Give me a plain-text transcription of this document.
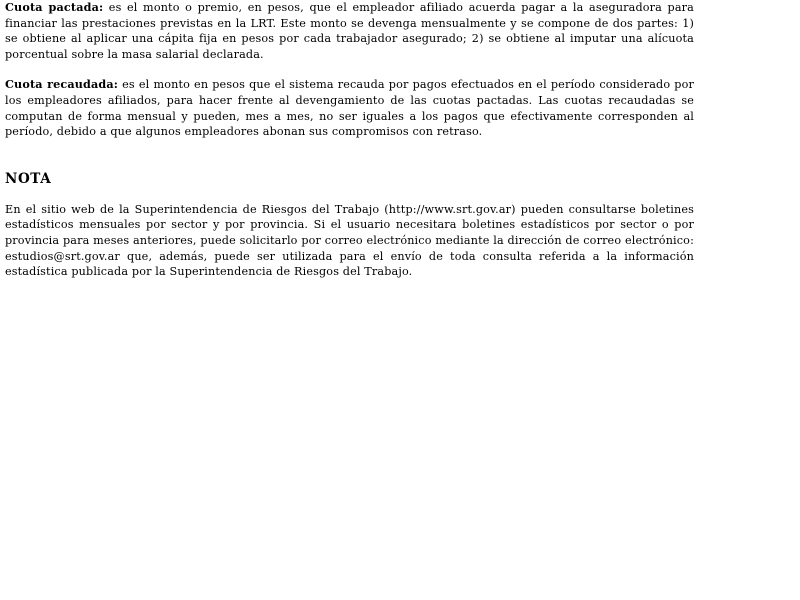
Cuota pactada: es el monto o premio, en pesos, que el empleador afiliado acuerda pagar a la aseguradora para financiar las prestaciones previstas en la LRT. Este monto se devenga mensualmente y se compone de dos partes: 1) se obtiene al aplicar una cápita fija en pesos por cada trabajador asegurado; 2) se obtiene al imputar una alícuota porcentual sobre la masa salarial declarada.

Cuota recaudada: es el monto en pesos que el sistema recauda por pagos efectuados en el período considerado por los empleadores afiliados, para hacer frente al devengamiento de las cuotas pactadas. Las cuotas recaudadas se computan de forma mensual y pueden, mes a mes, no ser iguales a los pagos que efectivamente corresponden al período, debido a que algunos empleadores abonan sus compromisos con retraso.

NOTA

En el sitio web de la Superintendencia de Riesgos del Trabajo (http://www.srt.gov.ar) pueden consultarse boletines estadísticos mensuales por sector y por provincia. Si el usuario necesitara boletines estadísticos por sector o por provincia para meses anteriores, puede solicitarlo por correo electrónico mediante la dirección de correo electrónico: estudios@srt.gov.ar que, además, puede ser utilizada para el envío de toda consulta referida a la información estadística publicada por la Superintendencia de Riesgos del Trabajo.
